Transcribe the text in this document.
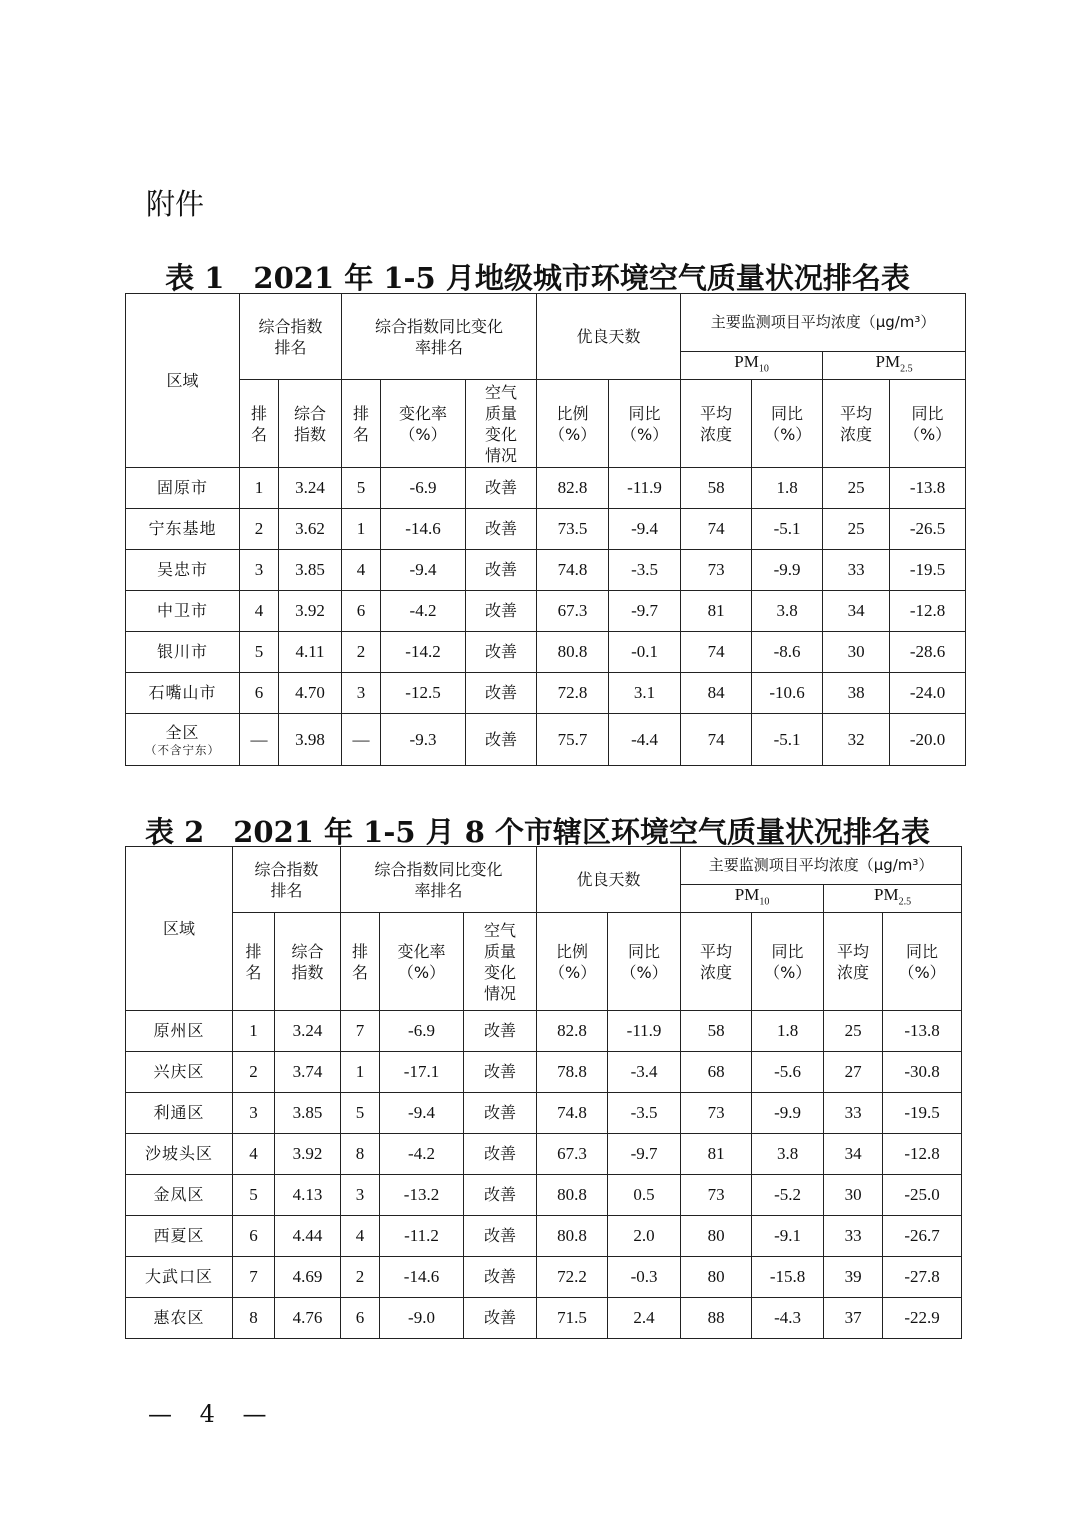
附件
表 1　2021 年 1-5 月地级城市环境空气质量状况排名表
区域	综合指数排名		综合指数同比变化率排名			优良天数		主要监测项目平均浓度（μg/m³）			
								$PM_{10}$		$PM_{2.5}$
	排名	综合指数	排名	变化率（%）	空气质量变化情况	比例（%）	同比（%）	平均浓度	同比（%）	平均浓度	同比（%）
固原市	1	3.24	5	-6.9	改善	82.8	-11.9	58	1.8	25	-13.8
宁东基地	2	3.62	1	-14.6	改善	73.5	-9.4	74	-5.1	25	-26.5
吴忠市	3	3.85	4	-9.4	改善	74.8	-3.5	73	-9.9	33	-19.5
中卫市	4	3.92	6	-4.2	改善	67.3	-9.7	81	3.8	34	-12.8
银川市	5	4.11	2	-14.2	改善	80.8	-0.1	74	-8.6	30	-28.6
石嘴山市	6	4.70	3	-12.5	改善	72.8	3.1	84	-10.6	38	-24.0
全区
（不含宁东）	—	3.98	—	-9.3	改善	75.7	-4.4	74	-5.1	32	-20.0
表 2　2021 年 1-5 月 8 个市辖区环境空气质量状况排名表
区域	综合指数排名		综合指数同比变化率排名			优良天数		主要监测项目平均浓度（μg/m³）			
								$PM_{10}$		$PM_{2.5}$
	排名	综合指数	排名	变化率（%）	空气质量变化情况	比例（%）	同比（%）	平均浓度	同比（%）	平均浓度	同比（%）
原州区	1	3.24	7	-6.9	改善	82.8	-11.9	58	1.8	25	-13.8
兴庆区	2	3.74	1	-17.1	改善	78.8	-3.4	68	-5.6	27	-30.8
利通区	3	3.85	5	-9.4	改善	74.8	-3.5	73	-9.9	33	-19.5
沙坡头区	4	3.92	8	-4.2	改善	67.3	-9.7	81	3.8	34	-12.8
金凤区	5	4.13	3	-13.2	改善	80.8	0.5	73	-5.2	30	-25.0
西夏区	6	4.44	4	-11.2	改善	80.8	2.0	80	-9.1	33	-26.7
大武口区	7	4.69	2	-14.6	改善	72.2	-0.3	80	-15.8	39	-27.8
惠农区	8	4.76	6	-9.0	改善	71.5	2.4	88	-4.3	37	-22.9
— 4 —
